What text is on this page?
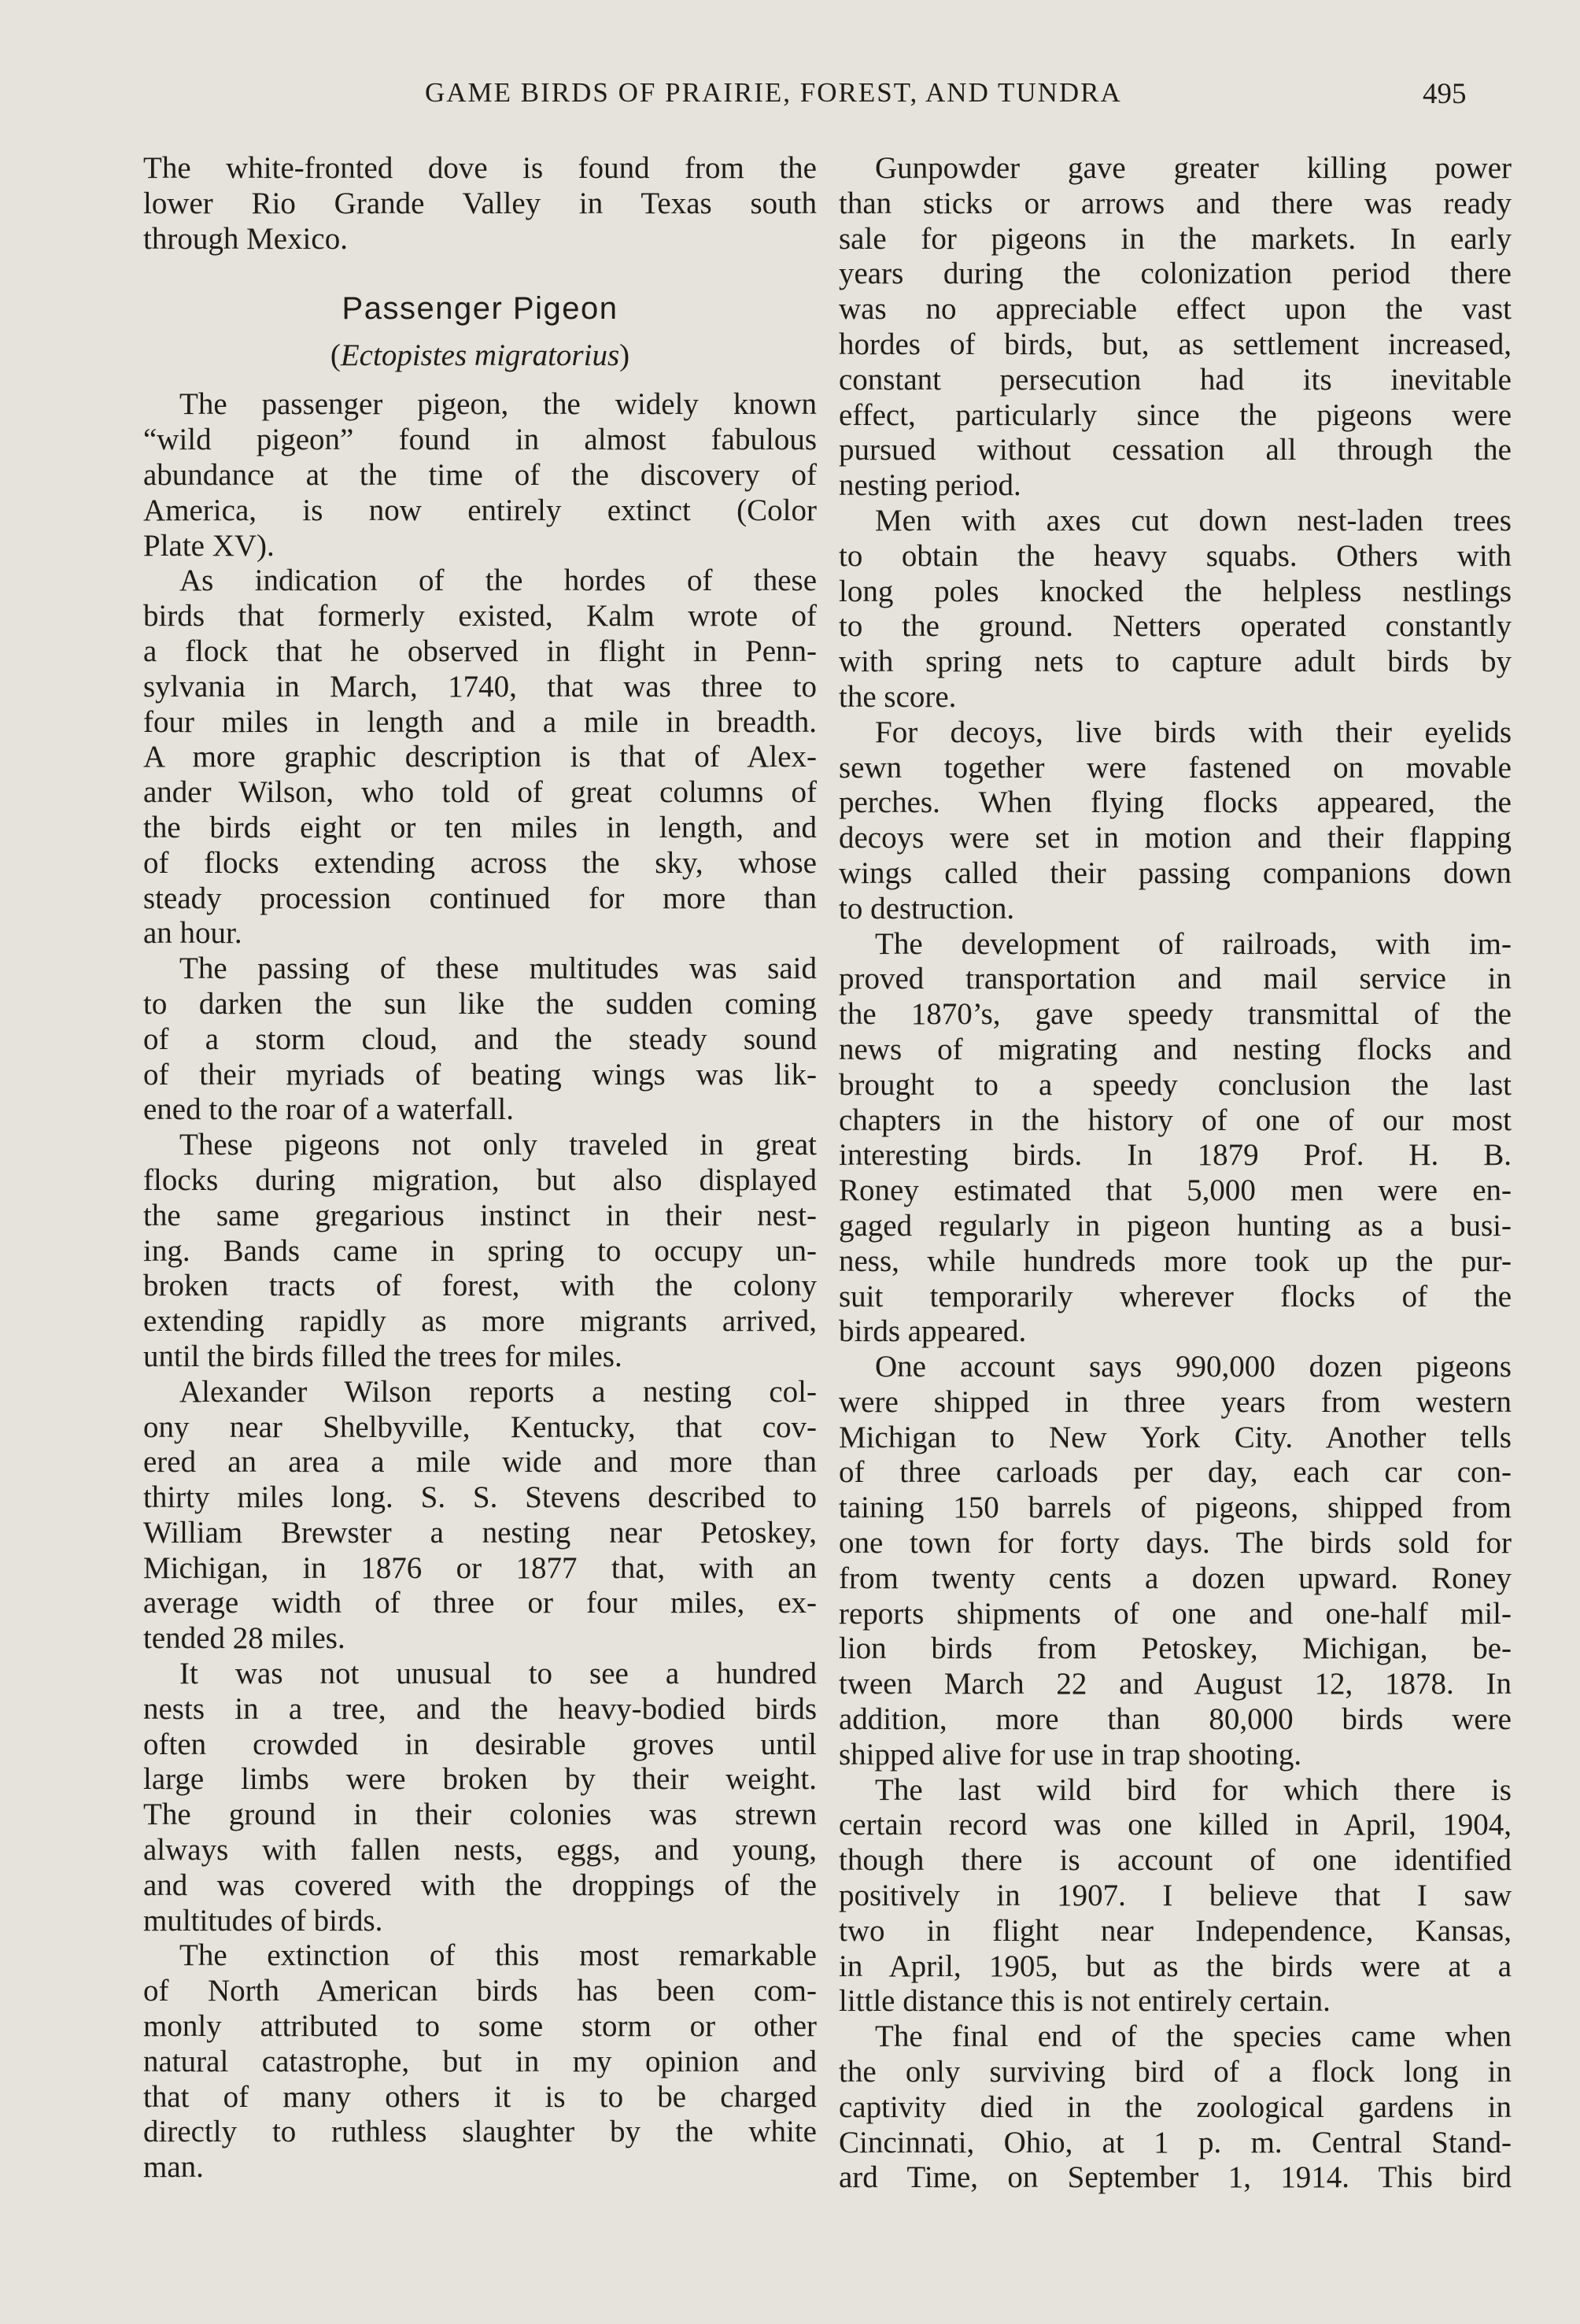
GAME BIRDS OF PRAIRIE, FOREST, AND TUNDRA	495

The white-fronted dove is found from the
lower Rio Grande Valley in Texas south
through Mexico.

Passenger Pigeon
(Ectopistes migratorius)

The passenger pigeon, the widely known
“wild pigeon” found in almost fabulous
abundance at the time of the discovery of
America, is now entirely extinct (Color
Plate XV).

As indication of the hordes of these
birds that formerly existed, Kalm wrote of
a flock that he observed in flight in Penn-
sylvania in March, 1740, that was three to
four miles in length and a mile in breadth.
A more graphic description is that of Alex-
ander Wilson, who told of great columns of
the birds eight or ten miles in length, and
of flocks extending across the sky, whose
steady procession continued for more than
an hour.

The passing of these multitudes was said
to darken the sun like the sudden coming
of a storm cloud, and the steady sound
of their myriads of beating wings was lik-
ened to the roar of a waterfall.

These pigeons not only traveled in great
flocks during migration, but also displayed
the same gregarious instinct in their nest-
ing. Bands came in spring to occupy un-
broken tracts of forest, with the colony
extending rapidly as more migrants arrived,
until the birds filled the trees for miles.

Alexander Wilson reports a nesting col-
ony near Shelbyville, Kentucky, that cov-
ered an area a mile wide and more than
thirty miles long. S. S. Stevens described to
William Brewster a nesting near Petoskey,
Michigan, in 1876 or 1877 that, with an
average width of three or four miles, ex-
tended 28 miles.

It was not unusual to see a hundred
nests in a tree, and the heavy-bodied birds
often crowded in desirable groves until
large limbs were broken by their weight.
The ground in their colonies was strewn
always with fallen nests, eggs, and young,
and was covered with the droppings of the
multitudes of birds.

The extinction of this most remarkable
of North American birds has been com-
monly attributed to some storm or other
natural catastrophe, but in my opinion and
that of many others it is to be charged
directly to ruthless slaughter by the white
man.

Gunpowder gave greater killing power
than sticks or arrows and there was ready
sale for pigeons in the markets. In early
years during the colonization period there
was no appreciable effect upon the vast
hordes of birds, but, as settlement increased,
constant persecution had its inevitable
effect, particularly since the pigeons were
pursued without cessation all through the
nesting period.

Men with axes cut down nest-laden trees
to obtain the heavy squabs. Others with
long poles knocked the helpless nestlings
to the ground. Netters operated constantly
with spring nets to capture adult birds by
the score.

For decoys, live birds with their eyelids
sewn together were fastened on movable
perches. When flying flocks appeared, the
decoys were set in motion and their flapping
wings called their passing companions down
to destruction.

The development of railroads, with im-
proved transportation and mail service in
the 1870’s, gave speedy transmittal of the
news of migrating and nesting flocks and
brought to a speedy conclusion the last
chapters in the history of one of our most
interesting birds. In 1879 Prof. H. B.
Roney estimated that 5,000 men were en-
gaged regularly in pigeon hunting as a busi-
ness, while hundreds more took up the pur-
suit temporarily wherever flocks of the
birds appeared.

One account says 990,000 dozen pigeons
were shipped in three years from western
Michigan to New York City. Another tells
of three carloads per day, each car con-
taining 150 barrels of pigeons, shipped from
one town for forty days. The birds sold for
from twenty cents a dozen upward. Roney
reports shipments of one and one-half mil-
lion birds from Petoskey, Michigan, be-
tween March 22 and August 12, 1878. In
addition, more than 80,000 birds were
shipped alive for use in trap shooting.

The last wild bird for which there is
certain record was one killed in April, 1904,
though there is account of one identified
positively in 1907. I believe that I saw
two in flight near Independence, Kansas,
in April, 1905, but as the birds were at a
little distance this is not entirely certain.

The final end of the species came when
the only surviving bird of a flock long in
captivity died in the zoological gardens in
Cincinnati, Ohio, at 1 p. m. Central Stand-
ard Time, on September 1, 1914. This bird
